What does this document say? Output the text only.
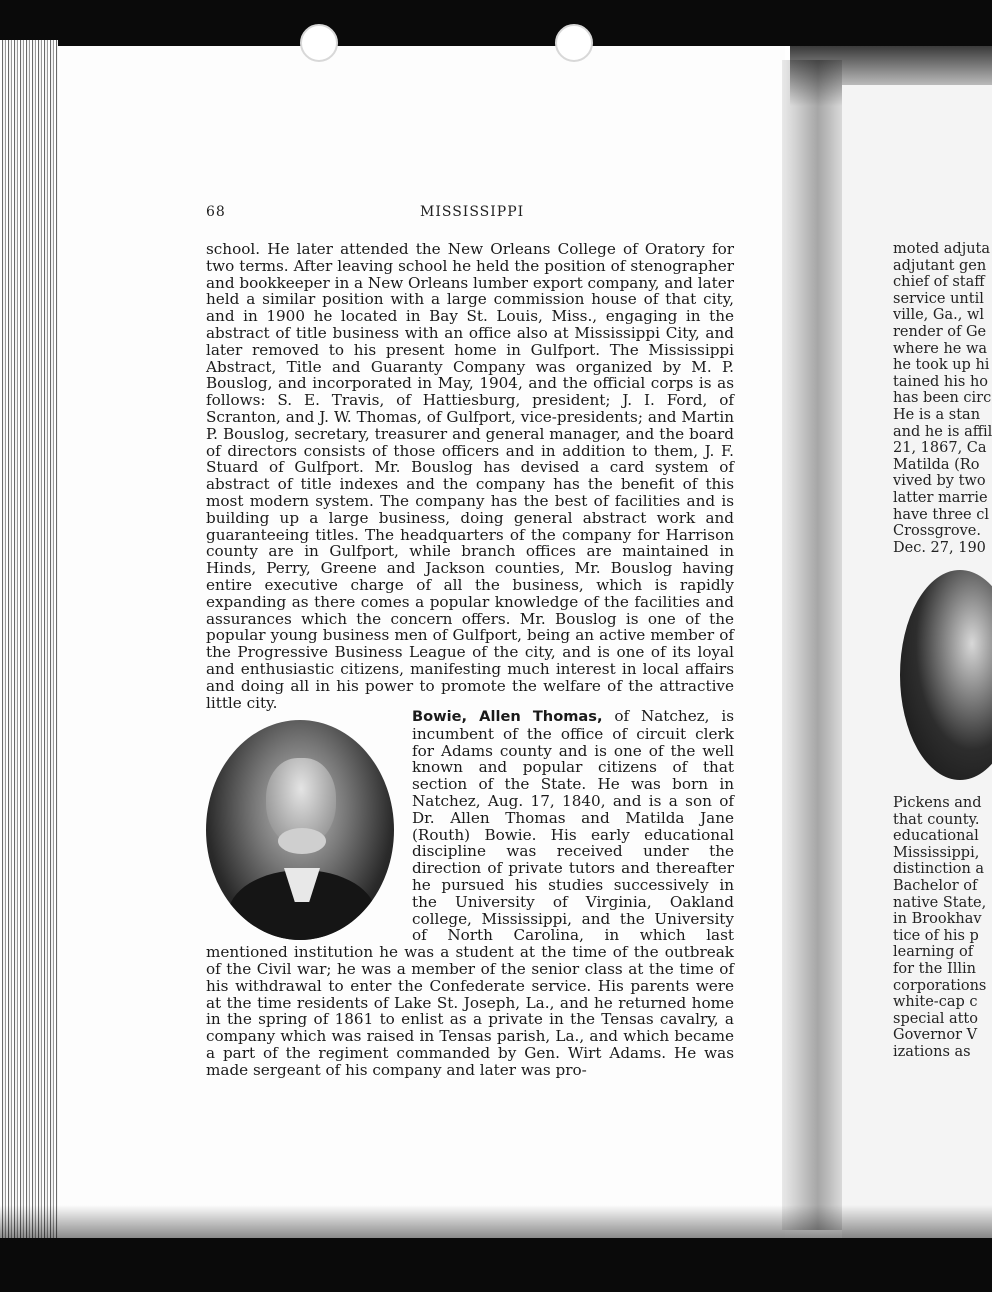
68	MISSISSIPPI
school. He later attended the New Orleans College of Oratory for two terms. After leaving school he held the position of stenographer and bookkeeper in a New Orleans lumber export company, and later held a similar position with a large commission house of that city, and in 1900 he located in Bay St. Louis, Miss., engaging in the abstract of title business with an office also at Mississippi City, and later removed to his present home in Gulfport. The Mississippi Abstract, Title and Guaranty Company was organized by M. P. Bouslog, and incorporated in May, 1904, and the official corps is as follows: S. E. Travis, of Hattiesburg, president; J. I. Ford, of Scranton, and J. W. Thomas, of Gulfport, vice-presidents; and Martin P. Bouslog, secretary, treasurer and general manager, and the board of directors consists of those officers and in addition to them, J. F. Stuard of Gulfport. Mr. Bouslog has devised a card system of abstract of title indexes and the company has the benefit of this most modern system. The company has the best of facilities and is building up a large business, doing general abstract work and guaranteeing titles. The headquarters of the company for Harrison county are in Gulfport, while branch offices are maintained in Hinds, Perry, Greene and Jackson counties, Mr. Bouslog having entire executive charge of all the business, which is rapidly expanding as there comes a popular knowledge of the facilities and assurances which the concern offers. Mr. Bouslog is one of the popular young business men of Gulfport, being an active member of the Progressive Business League of the city, and is one of its loyal and enthusiastic citizens, manifesting much interest in local affairs and doing all in his power to promote the welfare of the attractive little city.
Bowie, Allen Thomas, of Natchez, is incumbent of the office of circuit clerk for Adams county and is one of the well known and popular citizens of that section of the State. He was born in Natchez, Aug. 17, 1840, and is a son of Dr. Allen Thomas and Matilda Jane (Routh) Bowie. His early educational discipline was received under the direction of private tutors and thereafter he pursued his studies successively in the University of Virginia, Oakland college, Mississippi, and the University of North Carolina, in which last mentioned institution he was a student at the time of the outbreak of the Civil war; he was a member of the senior class at the time of his withdrawal to enter the Confederate service. His parents were at the time residents of Lake St. Joseph, La., and he returned home in the spring of 1861 to enlist as a private in the Tensas cavalry, a company which was raised in Tensas parish, La., and which became a part of the regiment commanded by Gen. Wirt Adams. He was made sergeant of his company and later was pro-
moted adjuta
adjutant gen
chief of staff
service until
ville, Ga., wl
render of Ge
where he wa
he took up hi
tained his ho
has been circ
He is a stan
and he is affil
21, 1867, Ca
Matilda (Ro
vived by two
latter marrie
have three cl
Crossgrove.
Dec. 27, 190
Pickens and
that county.
educational
Mississippi,
distinction a
Bachelor of
native State,
in Brookhav
tice of his p
learning of
for the Illin
corporations
white-cap c
special atto
Governor V
izations as
